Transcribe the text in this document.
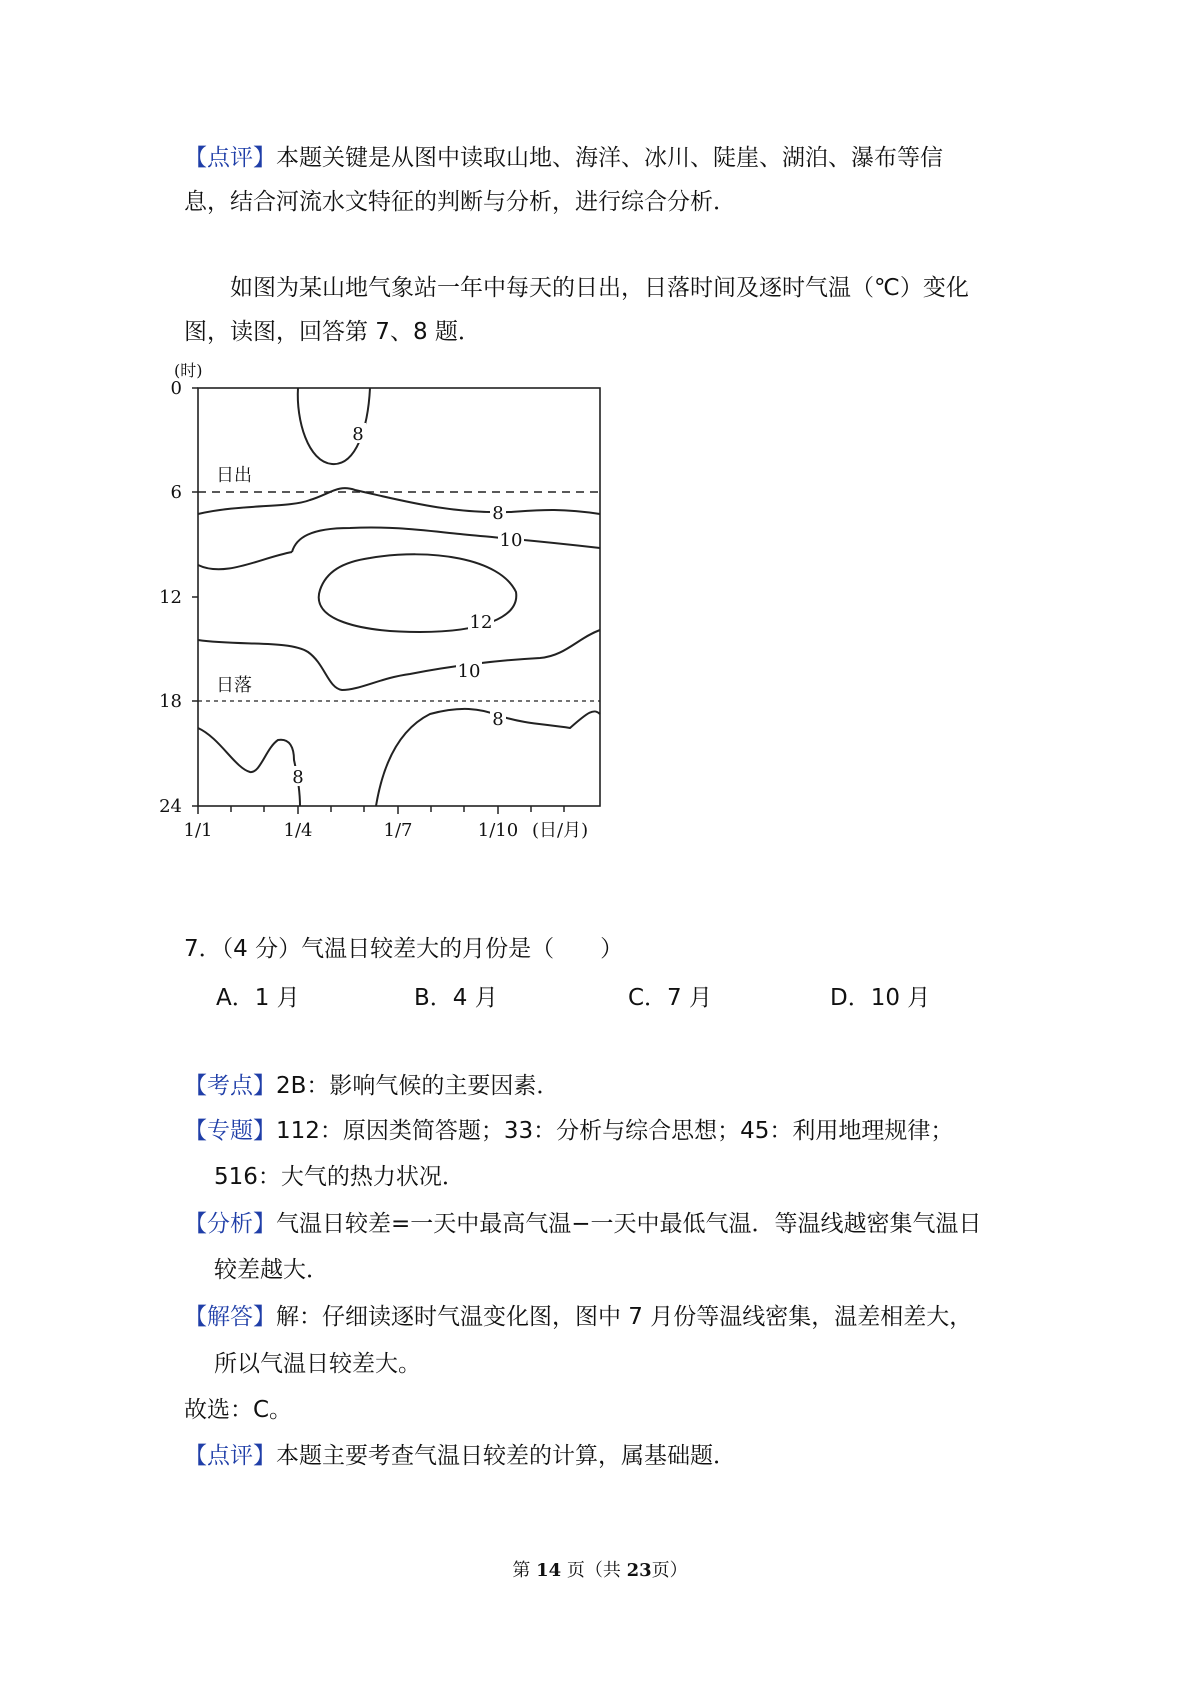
【点评】本题关键是从图中读取山地、海洋、冰川、陡崖、湖泊、瀑布等信
息，结合河流水文特征的判断与分析，进行综合分析．
如图为某山地气象站一年中每天的日出，日落时间及逐时气温（℃）变化
图，读图，回答第 7、8 题．
(时)
(日/月)
0
6
12
18
24
1/1	1/4	1/7	1/10
日出
日落
8
8
10
12
10
8
8
7．（4 分）气温日较差大的月份是（　　）
A．1 月	B．4 月	C．7 月	D．10 月
【考点】2B：影响气候的主要因素．
【专题】112：原因类简答题；33：分析与综合思想；45：利用地理规律；
516：大气的热力状况．
【分析】气温日较差=一天中最高气温−一天中最低气温．等温线越密集气温日
较差越大．
【解答】解：仔细读逐时气温变化图，图中 7 月份等温线密集，温差相差大，
所以气温日较差大。
故选：C。
【点评】本题主要考查气温日较差的计算，属基础题．
第 14 页（共 23页）
